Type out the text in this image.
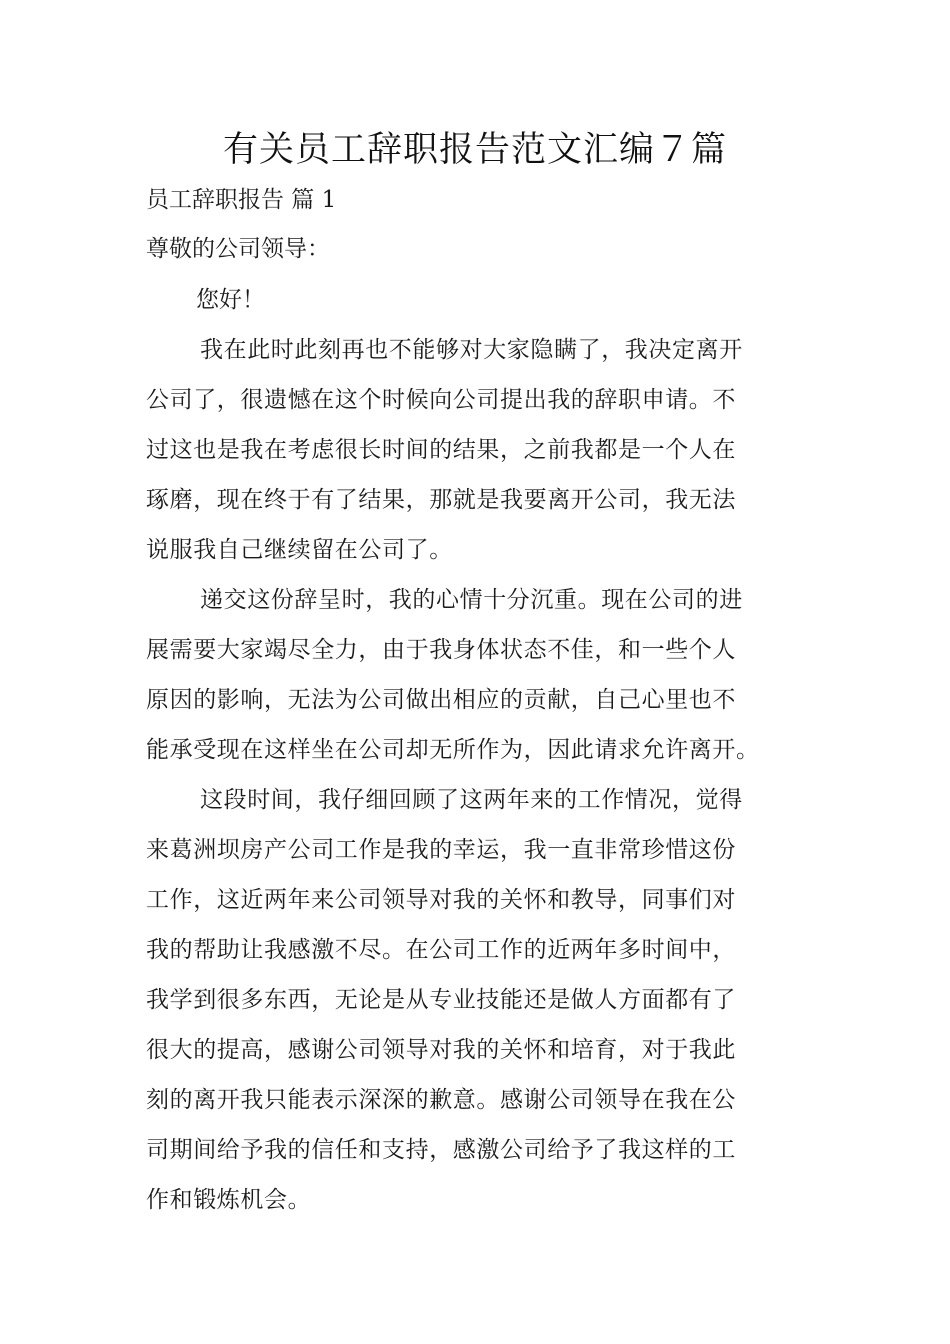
有关员工辞职报告范文汇编７篇
员工辞职报告 篇 1
尊敬的公司领导：
您好！
我在此时此刻再也不能够对大家隐瞒了，我决定离开
公司了，很遗憾在这个时候向公司提出我的辞职申请。不
过这也是我在考虑很长时间的结果，之前我都是一个人在
琢磨，现在终于有了结果，那就是我要离开公司，我无法
说服我自己继续留在公司了。
递交这份辞呈时，我的心情十分沉重。现在公司的进
展需要大家竭尽全力，由于我身体状态不佳，和一些个人
原因的影响，无法为公司做出相应的贡献，自己心里也不
能承受现在这样坐在公司却无所作为，因此请求允许离开。
这段时间，我仔细回顾了这两年来的工作情况，觉得
来葛洲坝房产公司工作是我的幸运，我一直非常珍惜这份
工作，这近两年来公司领导对我的关怀和教导，同事们对
我的帮助让我感激不尽。在公司工作的近两年多时间中，
我学到很多东西，无论是从专业技能还是做人方面都有了
很大的提高，感谢公司领导对我的关怀和培育，对于我此
刻的离开我只能表示深深的歉意。感谢公司领导在我在公
司期间给予我的信任和支持，感激公司给予了我这样的工
作和锻炼机会。
